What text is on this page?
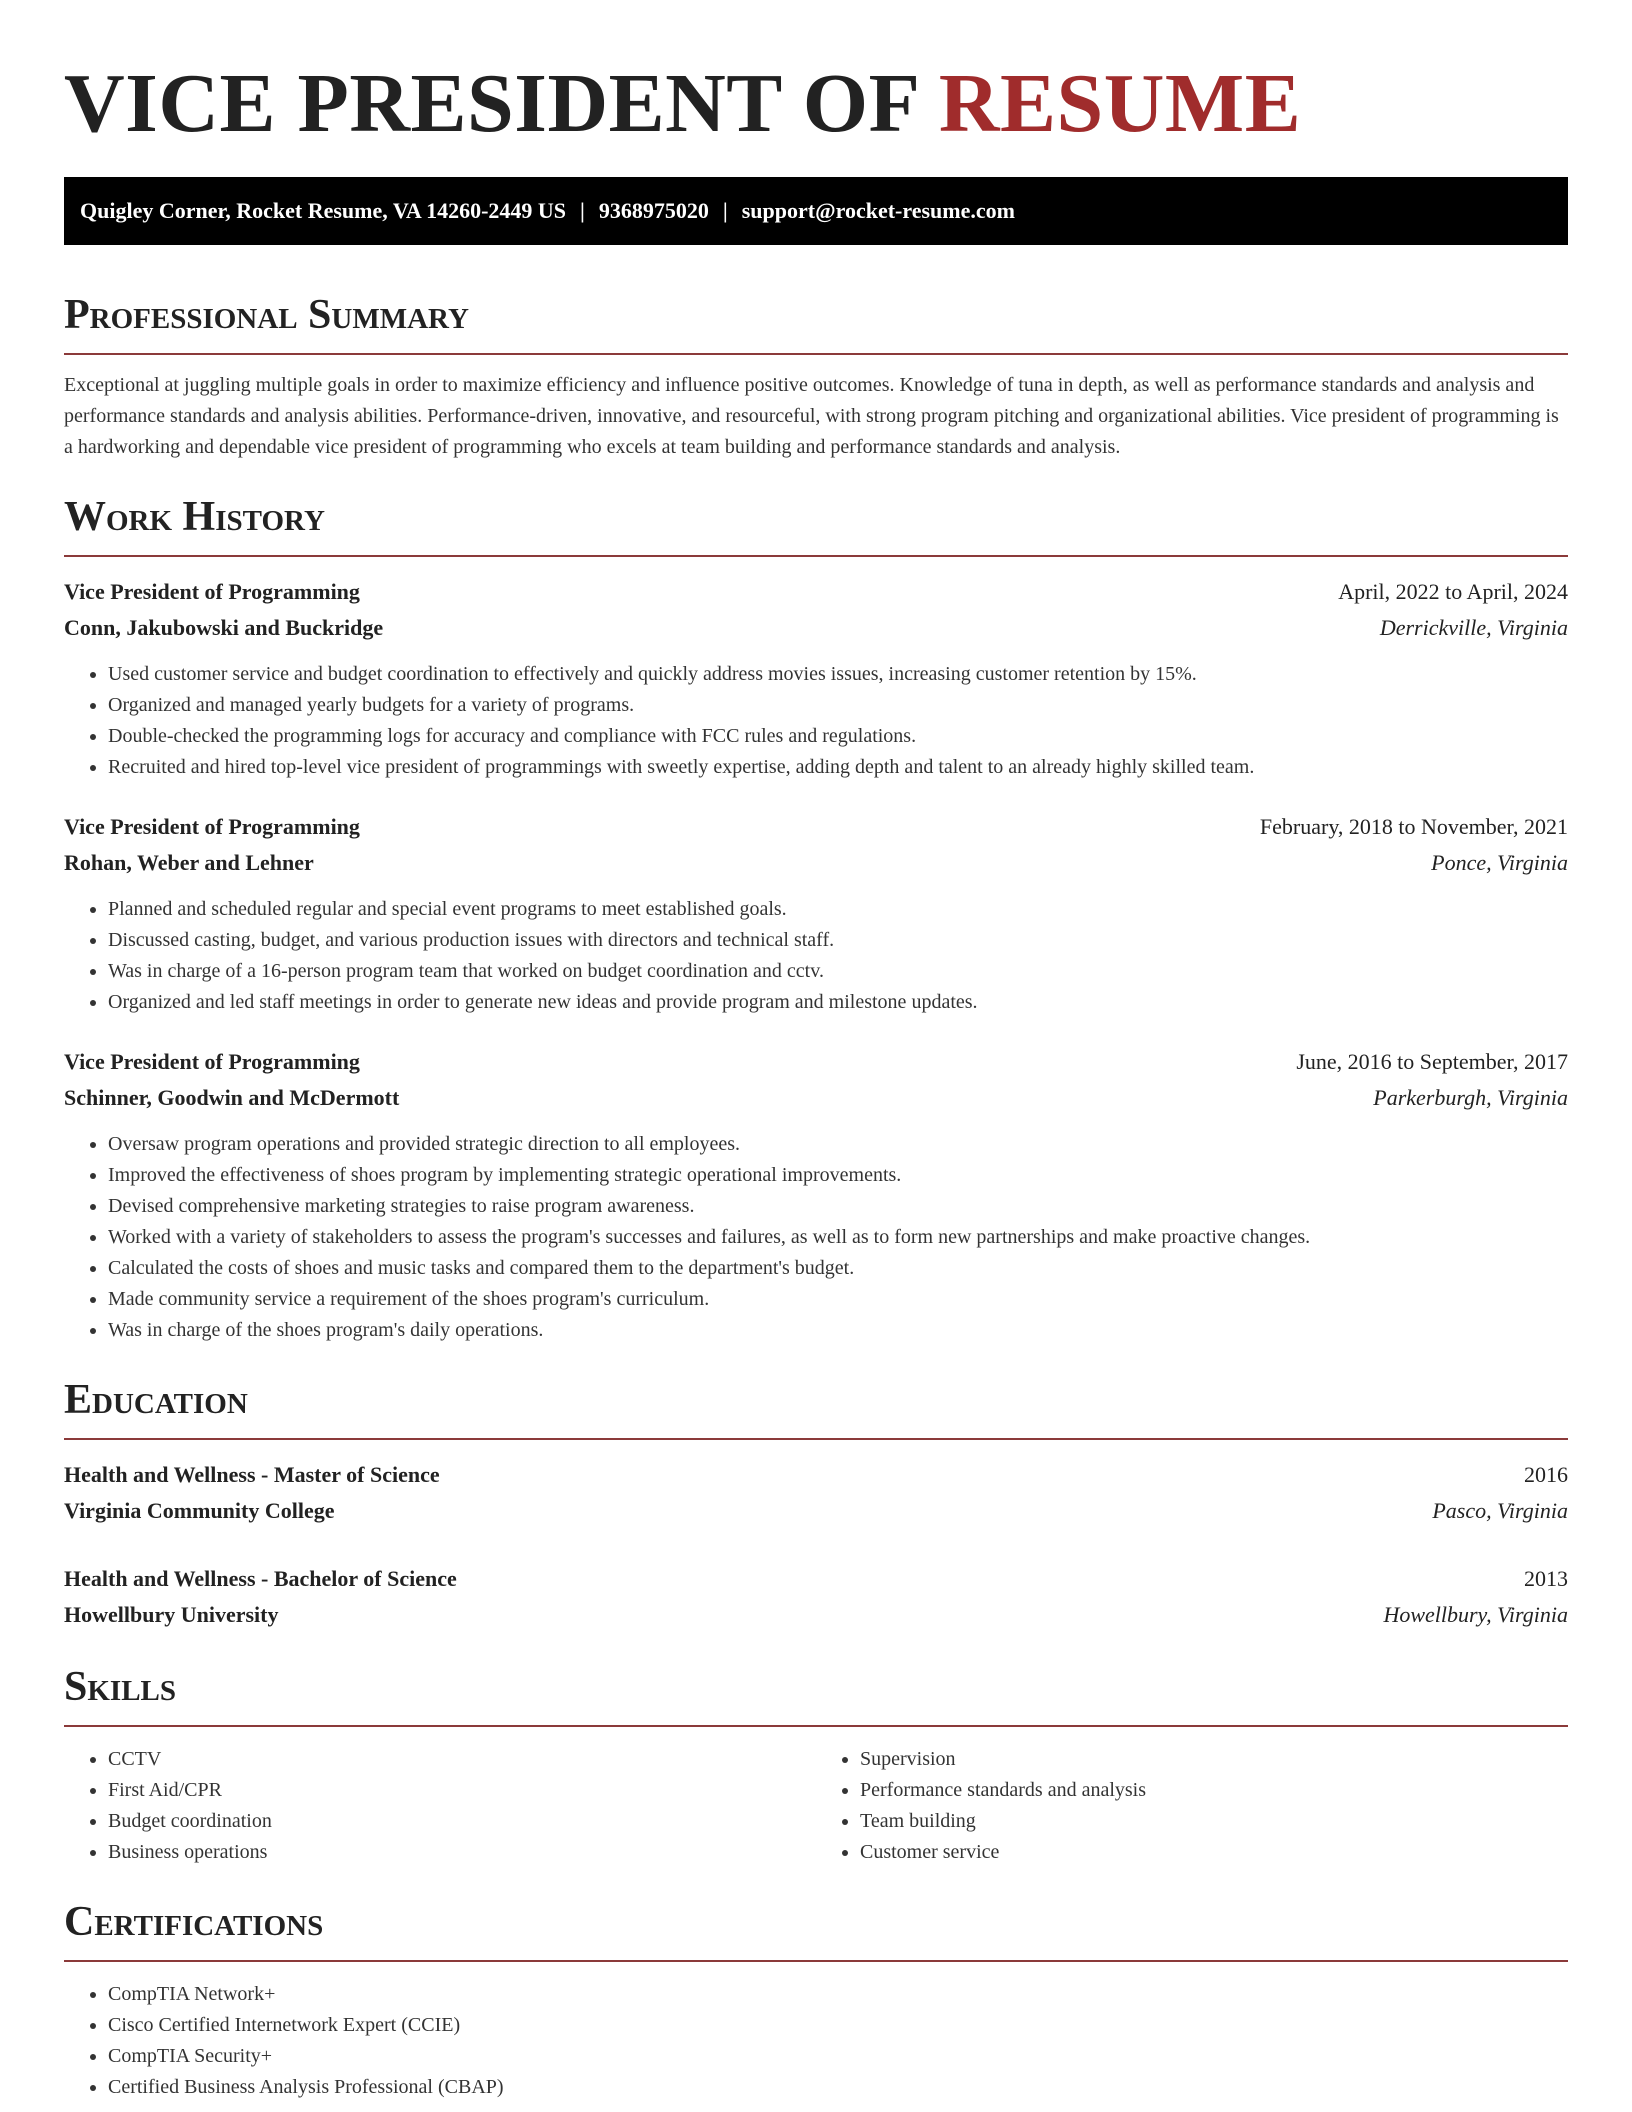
VICE PRESIDENT OF RESUME
Quigley Corner, Rocket Resume, VA 14260-2449 US | 9368975020 | support@rocket-resume.com
Professional Summary

Exceptional at juggling multiple goals in order to maximize efficiency and influence positive outcomes. Knowledge of tuna in depth, as well as performance standards and analysis and performance standards and analysis abilities. Performance-driven, innovative, and resourceful, with strong program pitching and organizational abilities. Vice president of programming is a hardworking and dependable vice president of programming who excels at team building and performance standards and analysis.

Work History
Vice President of Programming	April, 2022 to April, 2024
Conn, Jakubowski and Buckridge	Derrickville, Virginia
• Used customer service and budget coordination to effectively and quickly address movies issues, increasing customer retention by 15%.
• Organized and managed yearly budgets for a variety of programs.
• Double-checked the programming logs for accuracy and compliance with FCC rules and regulations.
• Recruited and hired top-level vice president of programmings with sweetly expertise, adding depth and talent to an already highly skilled team.
Vice President of Programming	February, 2018 to November, 2021
Rohan, Weber and Lehner	Ponce, Virginia
• Planned and scheduled regular and special event programs to meet established goals.
• Discussed casting, budget, and various production issues with directors and technical staff.
• Was in charge of a 16-person program team that worked on budget coordination and cctv.
• Organized and led staff meetings in order to generate new ideas and provide program and milestone updates.
Vice President of Programming	June, 2016 to September, 2017
Schinner, Goodwin and McDermott	Parkerburgh, Virginia
• Oversaw program operations and provided strategic direction to all employees.
• Improved the effectiveness of shoes program by implementing strategic operational improvements.
• Devised comprehensive marketing strategies to raise program awareness.
• Worked with a variety of stakeholders to assess the program's successes and failures, as well as to form new partnerships and make proactive changes.
• Calculated the costs of shoes and music tasks and compared them to the department's budget.
• Made community service a requirement of the shoes program's curriculum.
• Was in charge of the shoes program's daily operations.
Education
Health and Wellness - Master of Science	2016
Virginia Community College	Pasco, Virginia
Health and Wellness - Bachelor of Science	2013
Howellbury University	Howellbury, Virginia
Skills
• CCTV
• First Aid/CPR
• Budget coordination
• Business operations
• Supervision
• Performance standards and analysis
• Team building
• Customer service
Certifications
• CompTIA Network+
• Cisco Certified Internetwork Expert (CCIE)
• CompTIA Security+
• Certified Business Analysis Professional (CBAP)
